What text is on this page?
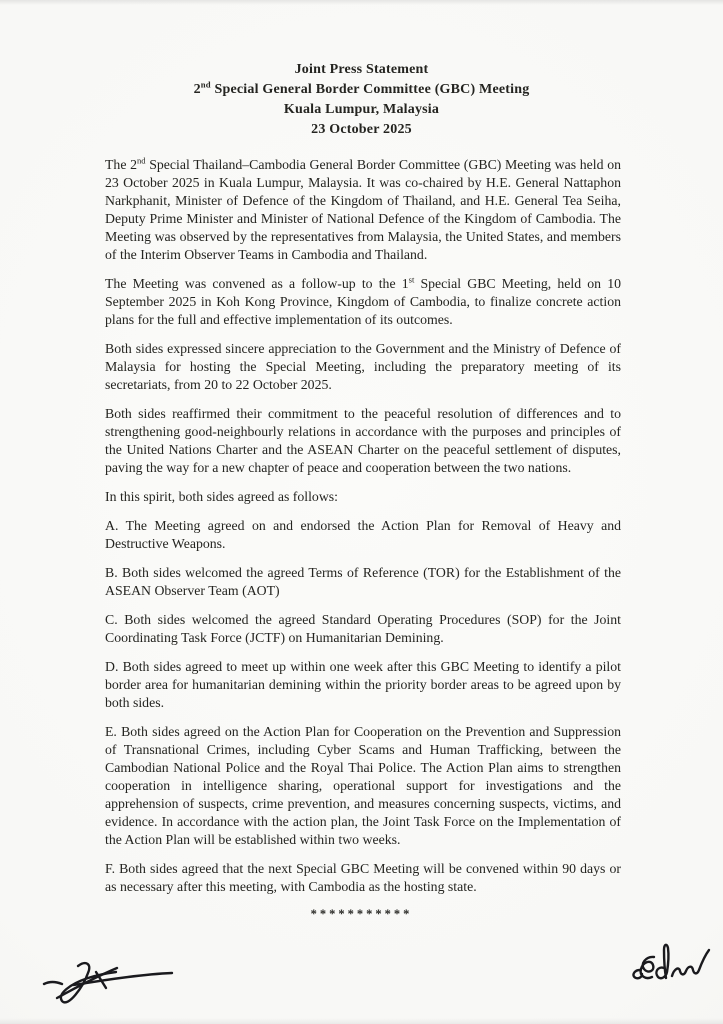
Joint Press Statement
2nd Special General Border Committee (GBC) Meeting
Kuala Lumpur, Malaysia
23 October 2025

The 2nd Special Thailand–Cambodia General Border Committee (GBC) Meeting was held on 23 October 2025 in Kuala Lumpur, Malaysia. It was co-chaired by H.E. General Nattaphon Narkphanit, Minister of Defence of the Kingdom of Thailand, and H.E. General Tea Seiha, Deputy Prime Minister and Minister of National Defence of the Kingdom of Cambodia. The Meeting was observed by the representatives from Malaysia, the United States, and members of the Interim Observer Teams in Cambodia and Thailand.

The Meeting was convened as a follow-up to the 1st Special GBC Meeting, held on 10 September 2025 in Koh Kong Province, Kingdom of Cambodia, to finalize concrete action plans for the full and effective implementation of its outcomes.

Both sides expressed sincere appreciation to the Government and the Ministry of Defence of Malaysia for hosting the Special Meeting, including the preparatory meeting of its secretariats, from 20 to 22 October 2025.

Both sides reaffirmed their commitment to the peaceful resolution of differences and to strengthening good-neighbourly relations in accordance with the purposes and principles of the United Nations Charter and the ASEAN Charter on the peaceful settlement of disputes, paving the way for a new chapter of peace and cooperation between the two nations.

In this spirit, both sides agreed as follows:

A. The Meeting agreed on and endorsed the Action Plan for Removal of Heavy and Destructive Weapons.

B. Both sides welcomed the agreed Terms of Reference (TOR) for the Establishment of the ASEAN Observer Team (AOT)

C. Both sides welcomed the agreed Standard Operating Procedures (SOP) for the Joint Coordinating Task Force (JCTF) on Humanitarian Demining.

D. Both sides agreed to meet up within one week after this GBC Meeting to identify a pilot border area for humanitarian demining within the priority border areas to be agreed upon by both sides.

E. Both sides agreed on the Action Plan for Cooperation on the Prevention and Suppression of Transnational Crimes, including Cyber Scams and Human Trafficking, between the Cambodian National Police and the Royal Thai Police. The Action Plan aims to strengthen cooperation in intelligence sharing, operational support for investigations and the apprehension of suspects, crime prevention, and measures concerning suspects, victims, and evidence. In accordance with the action plan, the Joint Task Force on the Implementation of the Action Plan will be established within two weeks.

F. Both sides agreed that the next Special GBC Meeting will be convened within 90 days or as necessary after this meeting, with Cambodia as the hosting state.

***********
